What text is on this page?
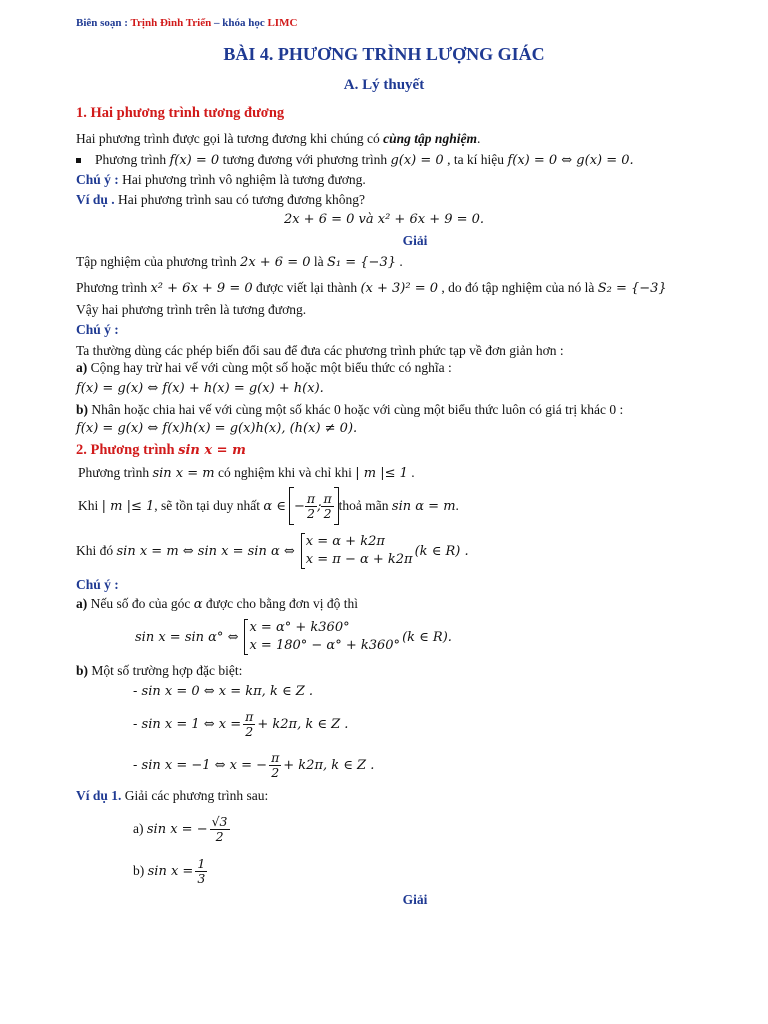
Biên soạn : Trịnh Đình Triển – khóa học LIMC
BÀI 4. PHƯƠNG TRÌNH LƯỢNG GIÁC
A. Lý thuyết
1. Hai phương trình tương đương
Hai phương trình được gọi là tương đương khi chúng có cùng tập nghiệm.
Phương trình f(x) = 0 tương đương với phương trình g(x) = 0 , ta kí hiệu f(x) = 0 ⇔ g(x) = 0.
Chú ý : Hai phương trình vô nghiệm là tương đương.
Ví dụ . Hai phương trình sau có tương đương không?
2x + 6 = 0 và x² + 6x + 9 = 0.
Giải
Tập nghiệm của phương trình 2x + 6 = 0 là S₁ = {−3} .
Phương trình x² + 6x + 9 = 0 được viết lại thành (x + 3)² = 0 , do đó tập nghiệm của nó là S₂ = {−3}
Vậy hai phương trình trên là tương đương.
Chú ý :
Ta thường dùng các phép biến đổi sau để đưa các phương trình phức tạp về đơn giản hơn :
a) Cộng hay trừ hai vế với cùng một số hoặc một biểu thức có nghĩa :
f(x) = g(x) ⇔ f(x) + h(x) = g(x) + h(x).
b) Nhân hoặc chia hai vế với cùng một số khác 0 hoặc với cùng một biểu thức luôn có giá trị khác 0 :
f(x) = g(x) ⇔ f(x)h(x) = g(x)h(x), (h(x) ≠ 0).
2. Phương trình sin x = m
Phương trình sin x = m có nghiệm khi và chỉ khi | m |≤ 1 .
Khi
| m |≤ 1 , sẽ tồn tại duy nhất
α ∈ − $\frac{\pi}{2}$ ; $\frac{\pi}{2}$ thoả mãn
sin α = m .
Khi đó
sin x = m ⇔ sin x = sin α ⇔
x = α + k2π
x = π − α + k2π
(k ∈ R) .
Chú ý :
a) Nếu số đo của góc α được cho bằng đơn vị độ thì
sin x = sin α° ⇔
x = α° + k360°
x = 180° − α° + k360°
(k ∈ R).
b) Một số trường hợp đặc biệt:
- sin x = 0 ⇔ x = kπ, k ∈ Z .
- sin x = 1 ⇔ $x = \frac{\pi}{2} + k2\pi$, k ∈ Z .
- sin x = −1 ⇔ x = − $\frac{\pi}{2} + k2\pi$, k ∈ Z .
Ví dụ 1. Giải các phương trình sau:
a)
sin x = − $\frac{√3}{2}$
b)
$\sin x = \frac{1}{3}$
Giải
